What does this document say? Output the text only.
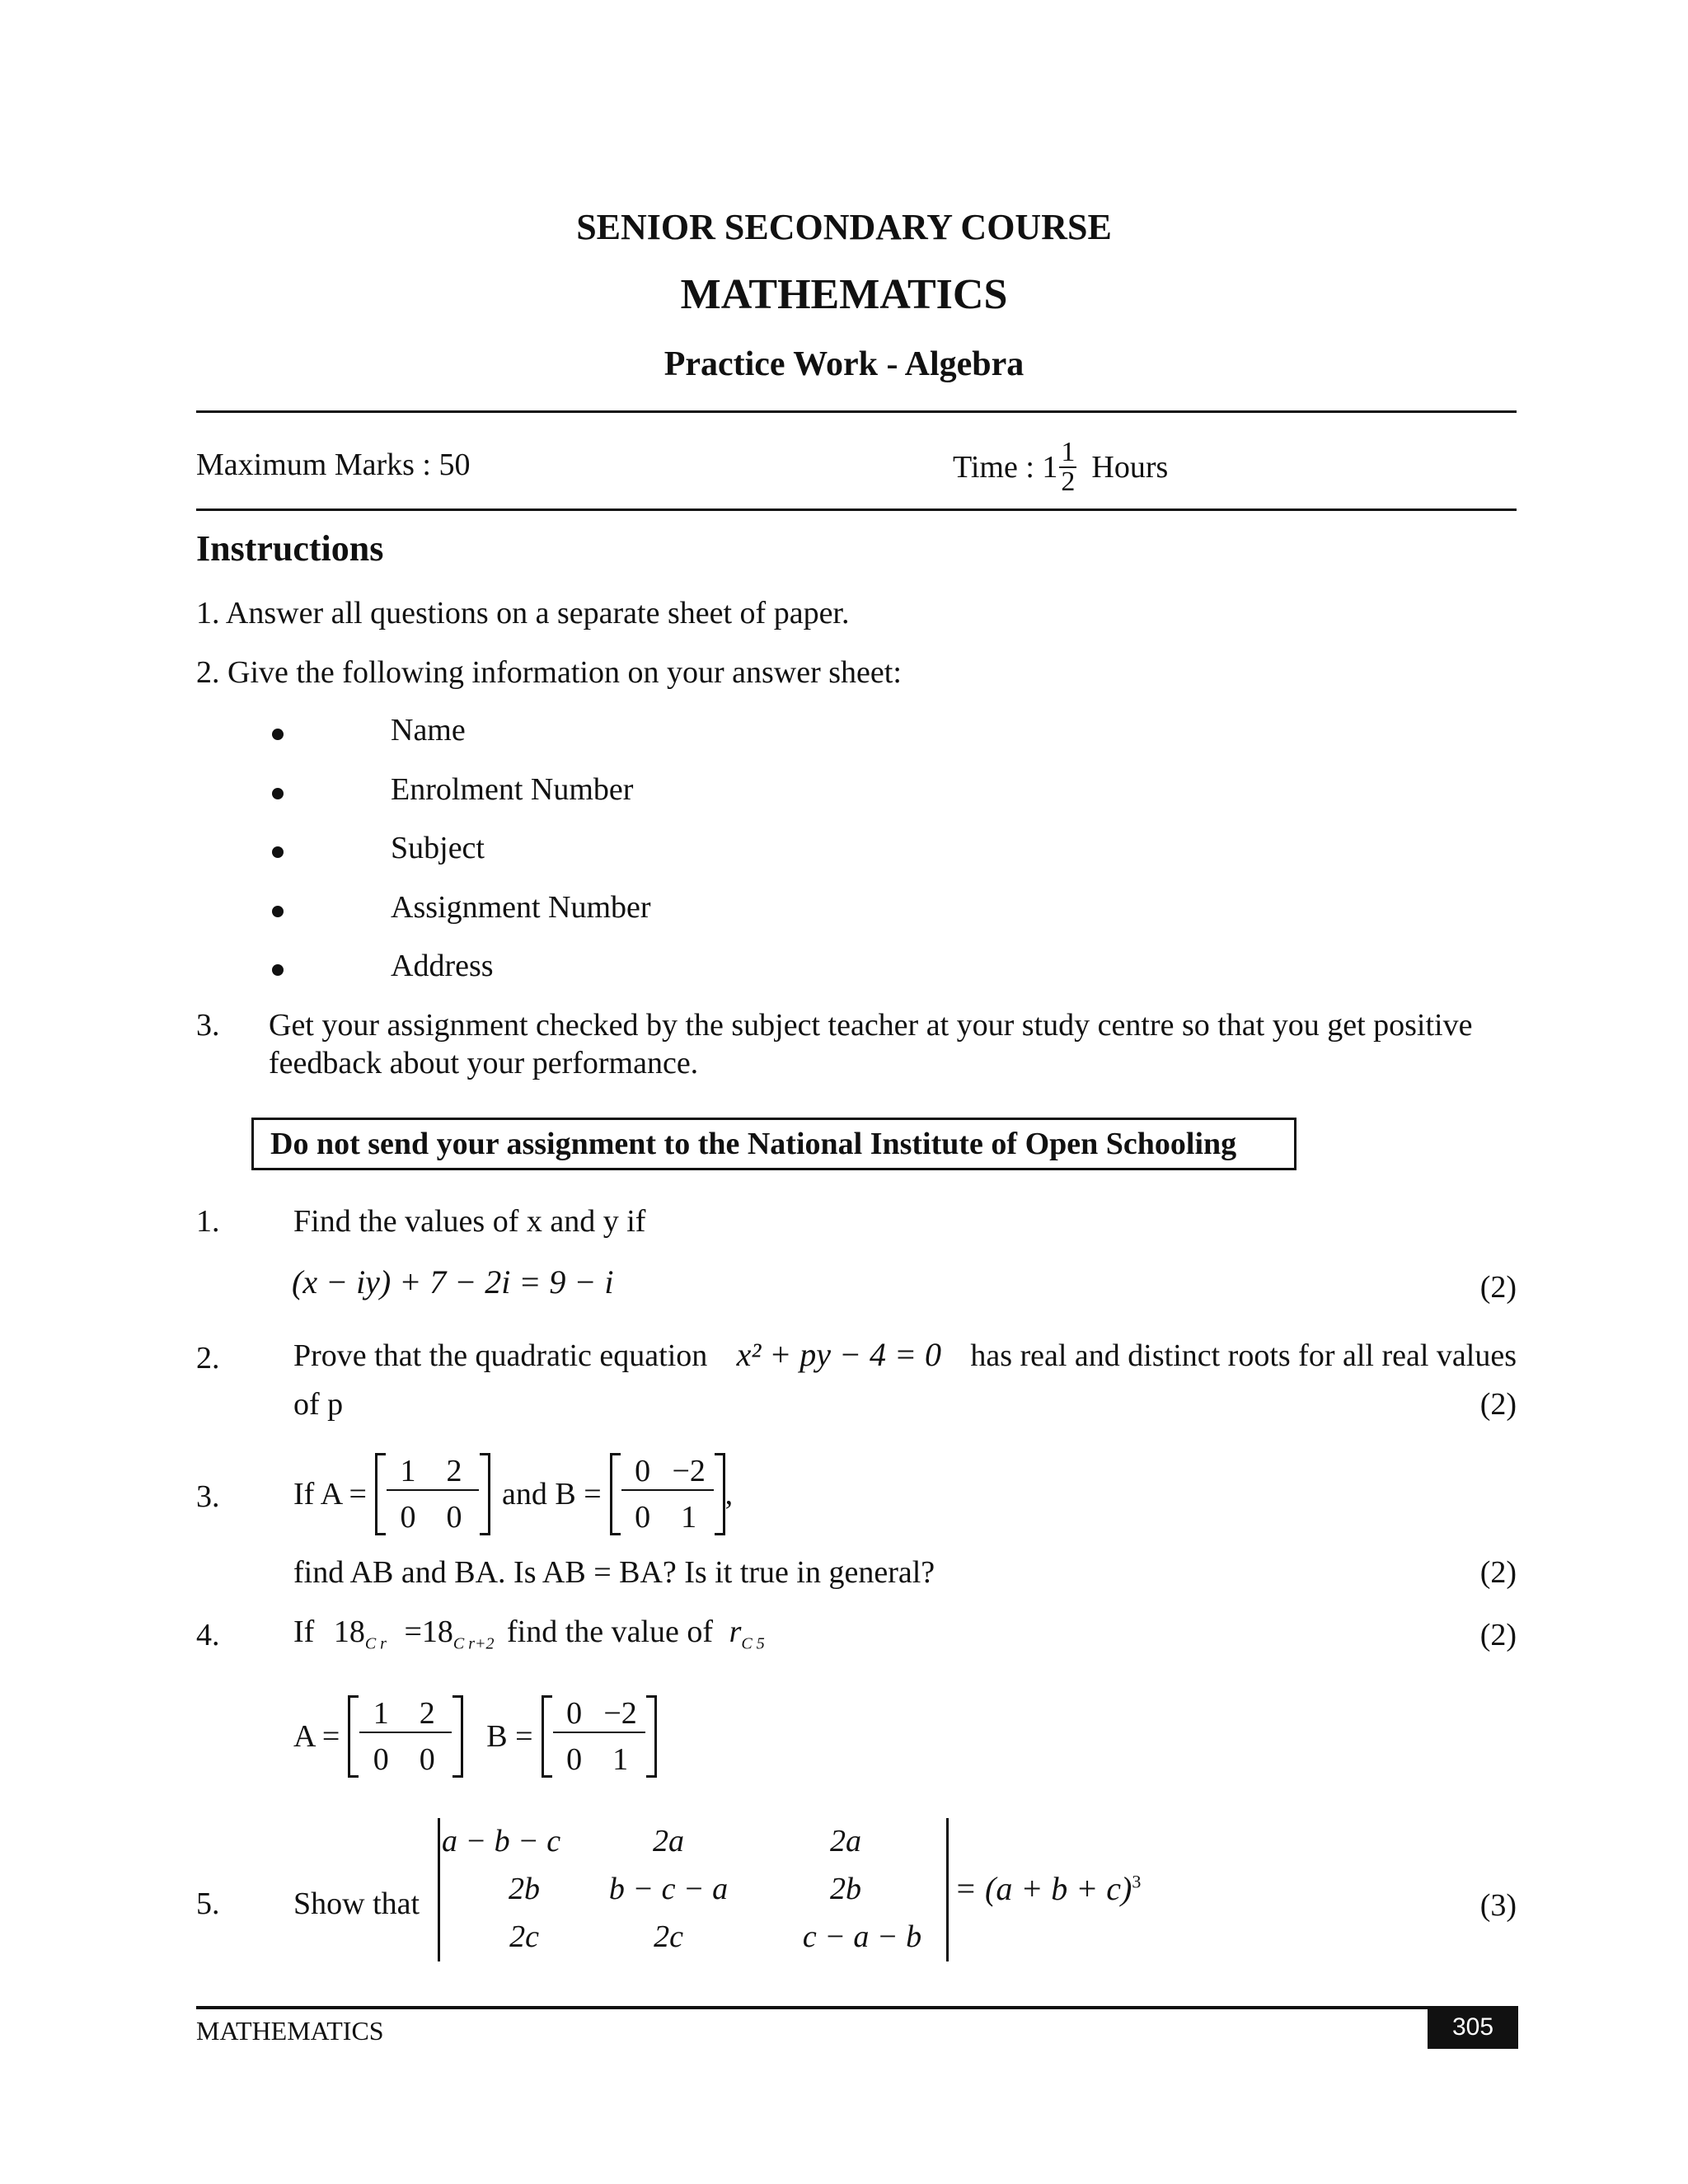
SENIOR SECONDARY COURSE
MATHEMATICS
Practice Work - Algebra
Maximum Marks : 50	Time : $1 \frac{1}{2}$ Hours
Instructions
1. Answer all questions on a separate sheet of paper.
2. Give the following information on your answer sheet:
Name
Enrolment Number
Subject
Assignment Number
Address
3. Get your assignment checked by the subject teacher at your study centre so that you get positive
feedback about your performance.
Do not send your assignment to the National Institute of Open Schooling
1. Find the values of x and y if
(x − iy) + 7 − 2i = 9 − i	(2)
2. Prove that the quadratic equation x² + py − 4 = 0 has real and distinct roots for all real values
of p	(2)
3. If A =
1 2
0 0
and B =
0 −2
0 1
,
find AB and BA. Is AB = BA? Is it true in general?	(2)
4. If $18_{C r} =18_{C r+2}$ find the value of $r_{C 5}$	(2)
A =
1 2
0 0
B =
0 −2
0 1
5. Show that
a − b − c	2a	2a
2b	b − c − a	2b
2c	2c	c − a − b
= $(a + b + c)^3$
(3)
MATHEMATICS	305
